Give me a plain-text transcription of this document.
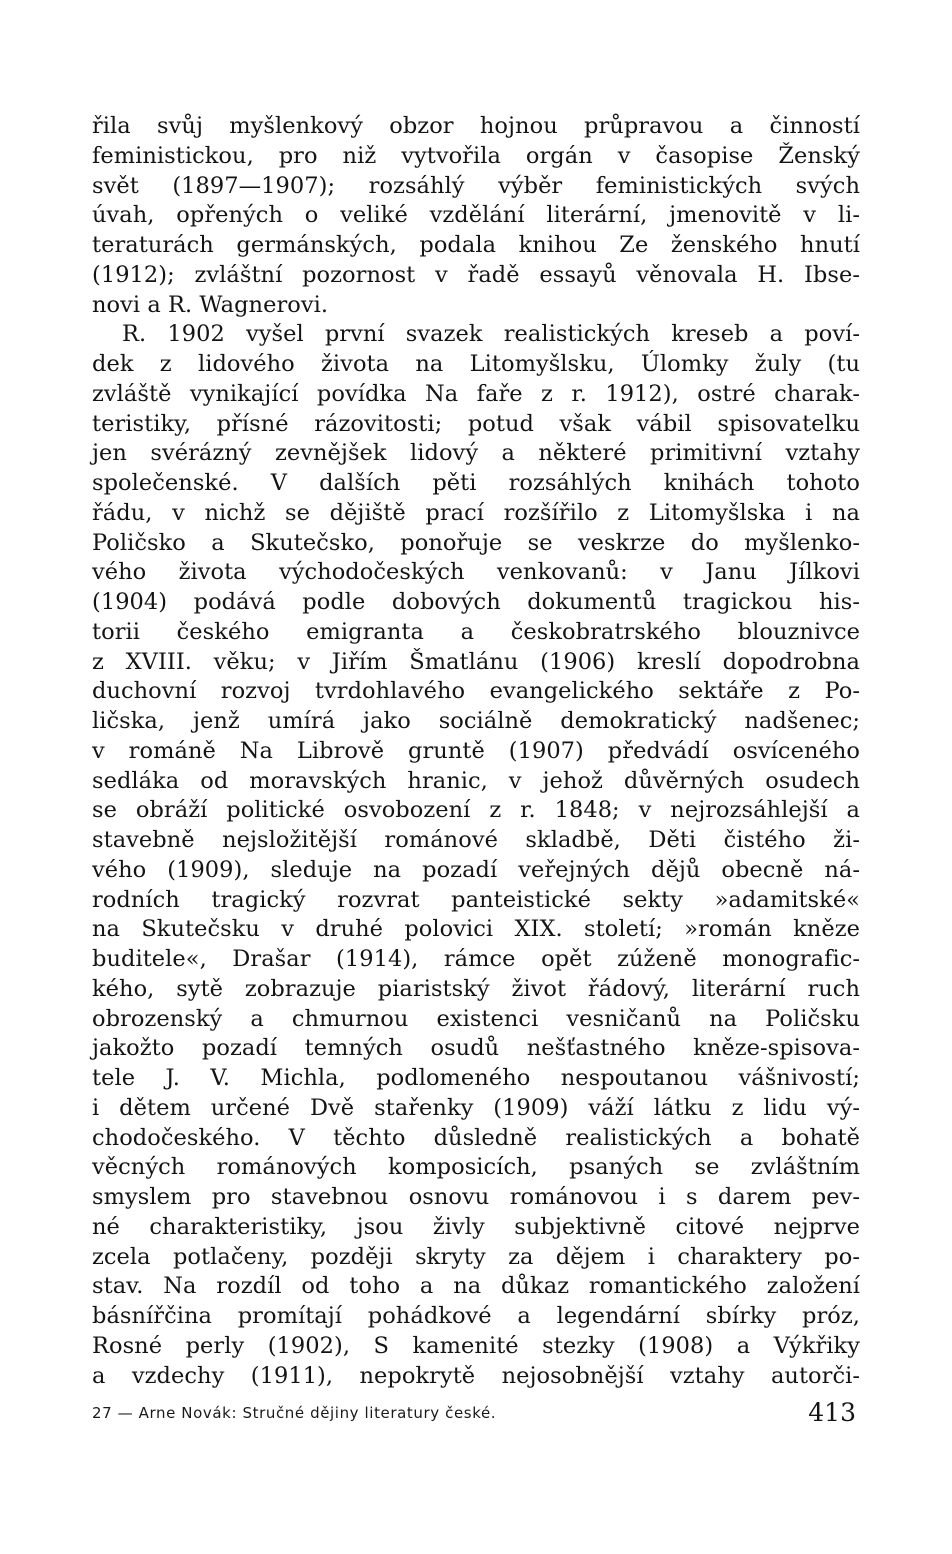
řila svůj myšlenkový obzor hojnou průpravou a činností
feministickou, pro niž vytvořila orgán v časopise Ženský
svět (1897—1907); rozsáhlý výběr feministických svých
úvah, opřených o veliké vzdělání literární, jmenovitě v li-
teraturách germánských, podala knihou Ze ženského hnutí
(1912); zvláštní pozornost v řadě essayů věnovala H. Ibse-
novi a R. Wagnerovi.
R. 1902 vyšel první svazek realistických kreseb a poví-
dek z lidového života na Litomyšlsku, Úlomky žuly (tu
zvláště vynikající povídka Na faře z r. 1912), ostré charak-
teristiky, přísné rázovitosti; potud však vábil spisovatelku
jen svérázný zevnějšek lidový a některé primitivní vztahy
společenské. V dalších pěti rozsáhlých knihách tohoto
řádu, v nichž se dějiště prací rozšířilo z Litomyšlska i na
Poličsko a Skutečsko, ponořuje se veskrze do myšlenko-
vého života východočeských venkovanů: v Janu Jílkovi
(1904) podává podle dobových dokumentů tragickou his-
torii českého emigranta a českobratrského blouznivce
z XVIII. věku; v Jiřím Šmatlánu (1906) kreslí dopodrobna
duchovní rozvoj tvrdohlavého evangelického sektáře z Po-
ličska, jenž umírá jako sociálně demokratický nadšenec;
v románě Na Librově gruntě (1907) předvádí osvíceného
sedláka od moravských hranic, v jehož důvěrných osudech
se obráží politické osvobození z r. 1848; v nejrozsáhlejší a
stavebně nejsložitější románové skladbě, Děti čistého ži-
vého (1909), sleduje na pozadí veřejných dějů obecně ná-
rodních tragický rozvrat panteistické sekty »adamitské«
na Skutečsku v druhé polovici XIX. století; »román kněze
buditele«, Drašar (1914), rámce opět zúženě monografic-
kého, sytě zobrazuje piaristský život řádový, literární ruch
obrozenský a chmurnou existenci vesničanů na Poličsku
jakožto pozadí temných osudů nešťastného kněze-spisova-
tele J. V. Michla, podlomeného nespoutanou vášnivostí;
i dětem určené Dvě stařenky (1909) váží látku z lidu vý-
chodočeského. V těchto důsledně realistických a bohatě
věcných románových komposicích, psaných se zvláštním
smyslem pro stavebnou osnovu románovou i s darem pev-
né charakteristiky, jsou živly subjektivně citové nejprve
zcela potlačeny, později skryty za dějem i charaktery po-
stav. Na rozdíl od toho a na důkaz romantického založení
básnířčina promítají pohádkové a legendární sbírky próz,
Rosné perly (1902), S kamenité stezky (1908) a Výkřiky
a vzdechy (1911), nepokrytě nejosobnější vztahy autorči-
27 — Arne Novák: Stručné dějiny literatury české.	413
